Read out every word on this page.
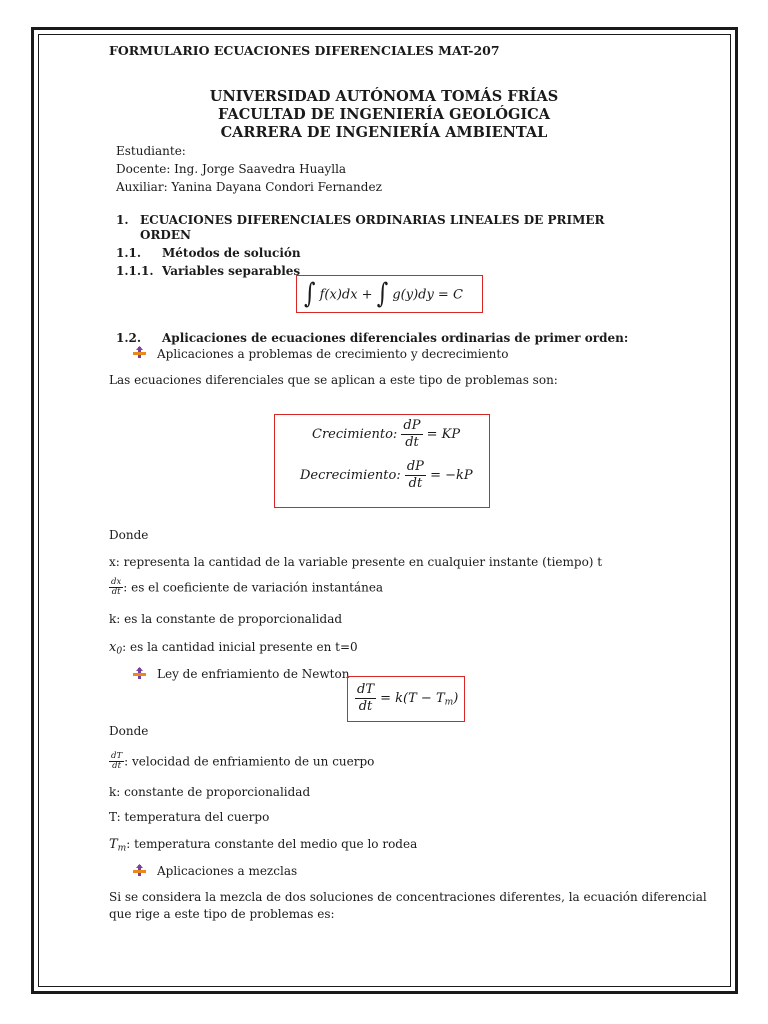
FORMULARIO ECUACIONES DIFERENCIALES MAT-207
UNIVERSIDAD AUTÓNOMA TOMÁS FRÍAS
FACULTAD DE INGENIERÍA GEOLÓGICA
CARRERA DE INGENIERÍA AMBIENTAL
Estudiante:
Docente: Ing. Jorge Saavedra Huaylla
Auxiliar: Yanina Dayana Condori Fernandez
1. ECUACIONES DIFERENCIALES ORDINARIAS LINEALES DE PRIMER
ORDEN
1.1. Métodos de solución
1.1.1. Variables separables
∫ f(x)dx + ∫ g(y)dy = C
1.2. Aplicaciones de ecuaciones diferenciales ordinarias de primer orden:
Aplicaciones a problemas de crecimiento y decrecimiento
Las ecuaciones diferenciales que se aplican a este tipo de problemas son:
Crecimiento: $\frac{dP}{dt}$ = KP
Decrecimiento: $\frac{dP}{dt} = -kP$
Donde
x: representa la cantidad de la variable presente en cualquier instante (tiempo) t
$\frac{dx}{dt}$ : es el coeficiente de variación instantánea
k: es la constante de proporcionalidad
$x_0$: es la cantidad inicial presente en t=0
Ley de enfriamiento de Newton
$\frac{dT}{dt} = k(T - T_m)$
Donde
$\frac{dT}{dt}$ : velocidad de enfriamiento de un cuerpo
k: constante de proporcionalidad
T: temperatura del cuerpo
$T_m$: temperatura constante del medio que lo rodea
Aplicaciones a mezclas
Si se considera la mezcla de dos soluciones de concentraciones diferentes, la ecuación diferencial
que rige a este tipo de problemas es:
